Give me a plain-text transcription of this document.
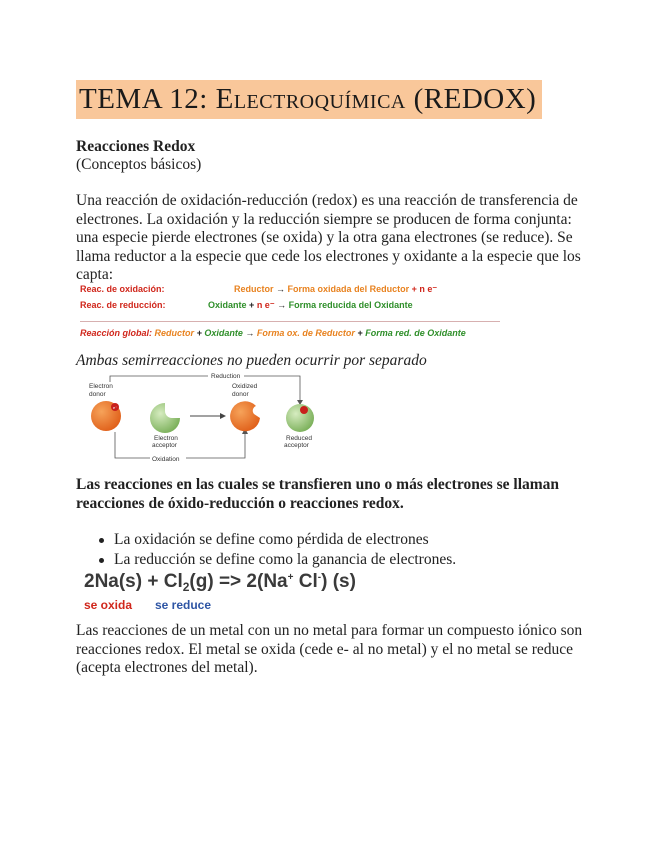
TEMA 12: Electroquímica (REDOX)
Reacciones Redox
(Conceptos básicos)
Una reacción de oxidación-reducción (redox) es una reacción de transferencia de electrones. La oxidación y la reducción siempre se producen de forma conjunta: una especie pierde electrones (se oxida) y la otra gana electrones (se reduce). Se llama reductor a la especie que cede los electrones y oxidante a la especie que los capta:
Reac. de oxidación:	Reductor → Forma oxidada del Reductor + n e⁻
Reac. de reducción:	Oxidante + n e⁻ → Forma reducida del Oxidante
Reacción global: Reductor + Oxidante → Forma ox. de Reductor + Forma red. de Oxidante
Ambas semirreacciones no pueden ocurrir por separado
Reduction
Oxidation
Electron
donor
e⁻
Electron
acceptor
Oxidized
donor
Reduced
acceptor
Las reacciones en las cuales se transfieren uno o más electrones se llaman reacciones de óxido-reducción o reacciones redox.
La oxidación se define como pérdida de electrones
La reducción se define como la ganancia de electrones.
$2Na(s) + Cl_2(g) => 2(Na^+$ Cl-) (s)
se oxida se reduce
Las reacciones de un metal con un no metal para formar un compuesto iónico son reacciones redox. El metal se oxida (cede e- al no metal) y el no metal se reduce (acepta electrones del metal).
